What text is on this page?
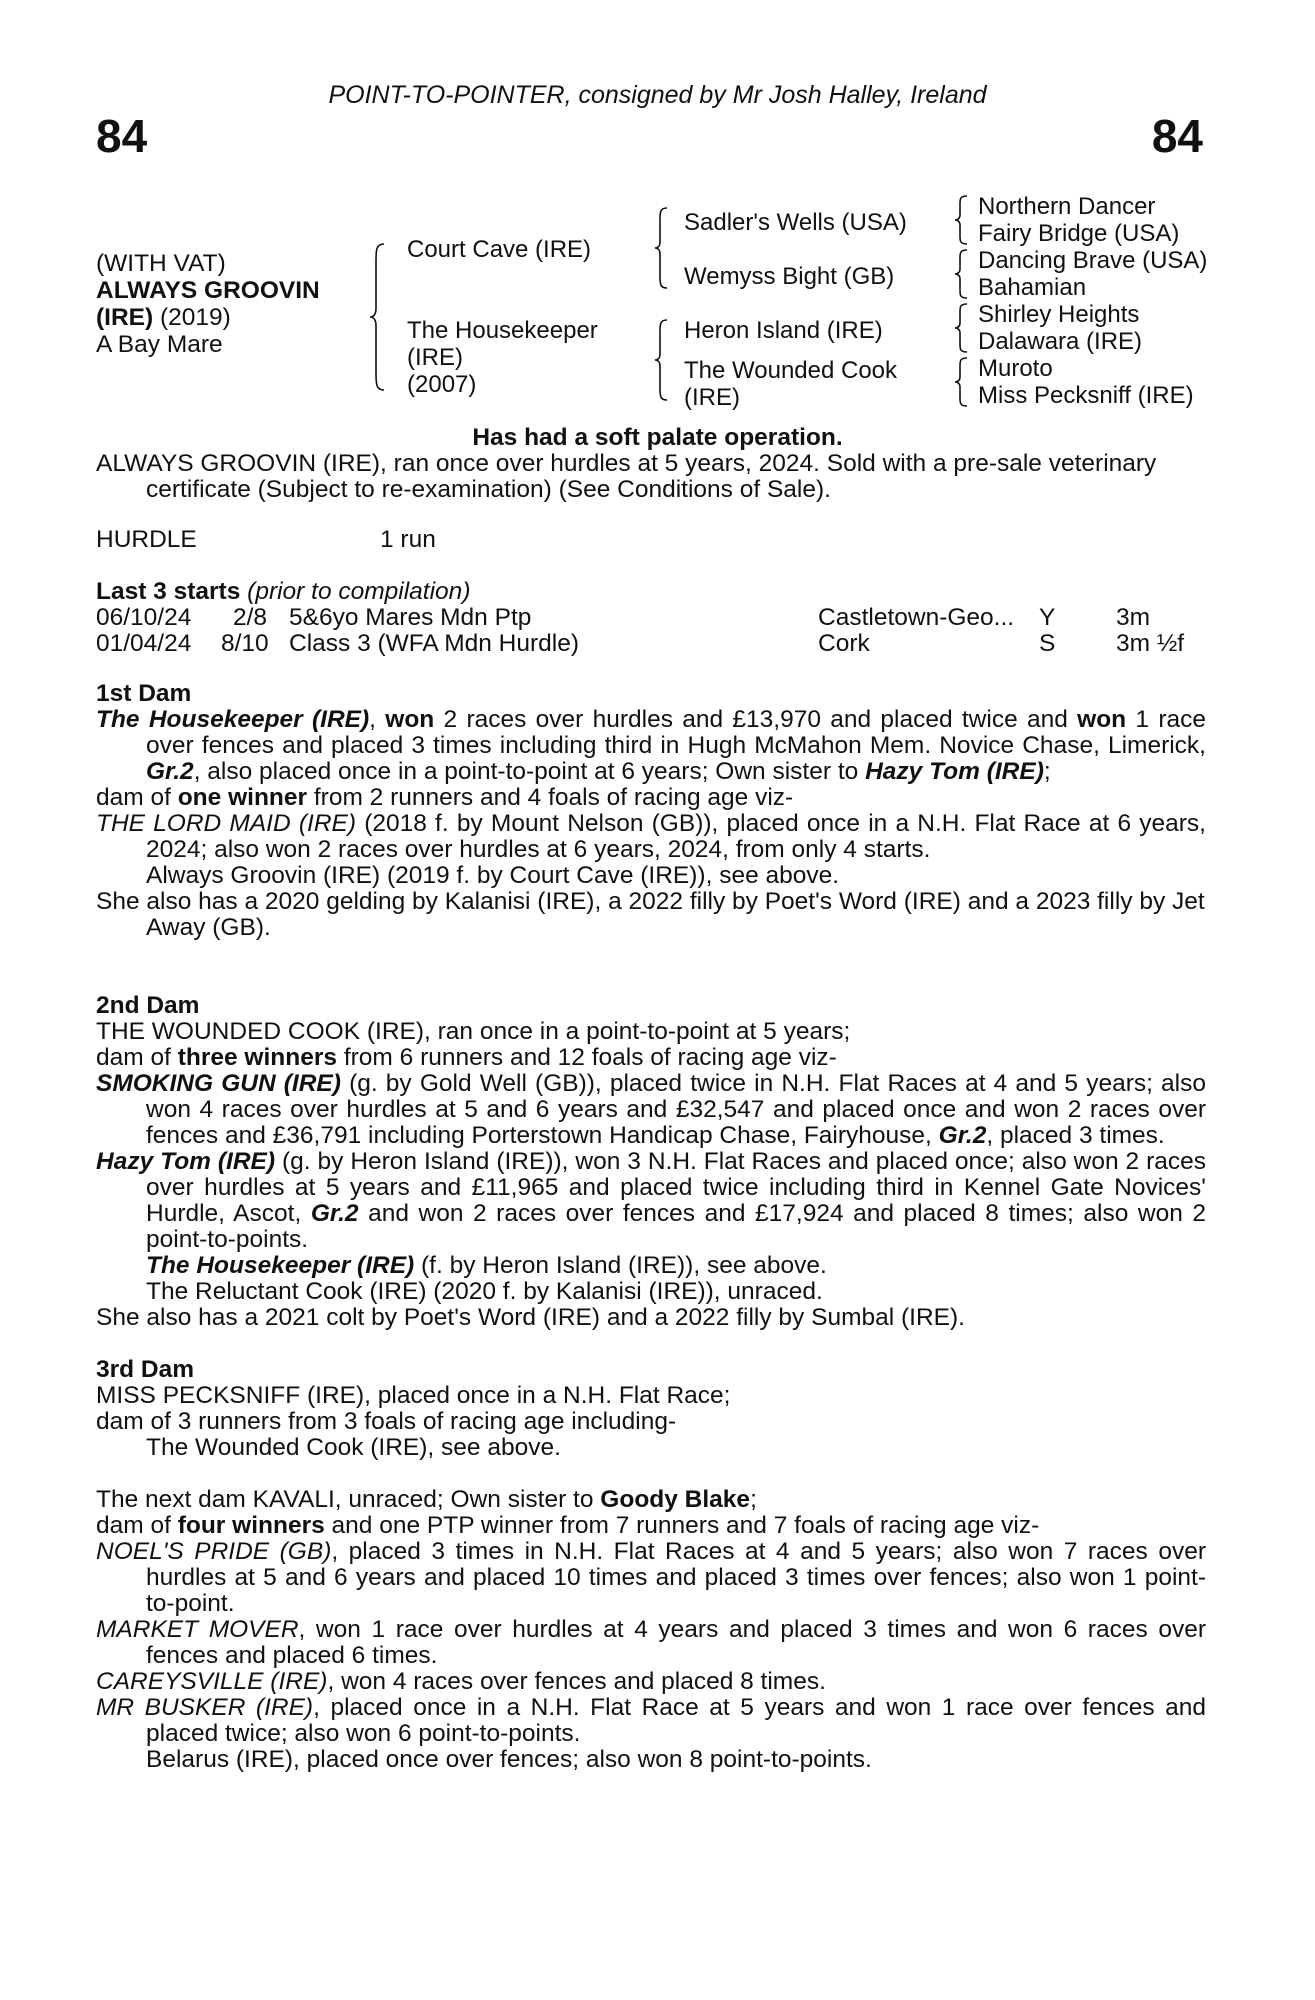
POINT-TO-POINTER, consigned by Mr Josh Halley, Ireland
84	84
(WITH VAT)
ALWAYS GROOVIN
(IRE) (2019)
A Bay Mare
Court Cave (IRE)
The Housekeeper
(IRE)
(2007)
Sadler's Wells (USA)
Wemyss Bight (GB)
Heron Island (IRE)
The Wounded Cook
(IRE)
Northern Dancer
Fairy Bridge (USA)
Dancing Brave (USA)
Bahamian
Shirley Heights
Dalawara (IRE)
Muroto
Miss Pecksniff (IRE)
Has had a soft palate operation.
ALWAYS GROOVIN (IRE), ran once over hurdles at 5 years, 2024. Sold with a pre-sale veterinary
certificate (Subject to re-examination) (See Conditions of Sale).
HURDLE	1 run
Last 3 starts (prior to compilation)
06/10/24 2/8 5&6yo Mares Mdn Ptp	Castletown-Geo... Y 3m
01/04/24 8/10 Class 3 (WFA Mdn Hurdle)	Cork	S 3m ½f

1st Dam

The Housekeeper (IRE), won 2 races over hurdles and £13,970 and placed twice and won 1 race over fences and placed 3 times including third in Hugh McMahon Mem. Novice Chase, Limerick, Gr.2, also placed once in a point-to-point at 6 years; Own sister to Hazy Tom (IRE);

dam of one winner from 2 runners and 4 foals of racing age viz-

THE LORD MAID (IRE) (2018 f. by Mount Nelson (GB)), placed once in a N.H. Flat Race at 6 years, 2024; also won 2 races over hurdles at 6 years, 2024, from only 4 starts.

Always Groovin (IRE) (2019 f. by Court Cave (IRE)), see above.

She also has a 2020 gelding by Kalanisi (IRE), a 2022 filly by Poet's Word (IRE) and a 2023 filly by Jet Away (GB).

2nd Dam

THE WOUNDED COOK (IRE), ran once in a point-to-point at 5 years;

dam of three winners from 6 runners and 12 foals of racing age viz-

SMOKING GUN (IRE) (g. by Gold Well (GB)), placed twice in N.H. Flat Races at 4 and 5 years; also won 4 races over hurdles at 5 and 6 years and £32,547 and placed once and won 2 races over fences and £36,791 including Porterstown Handicap Chase, Fairyhouse, Gr.2, placed 3 times.

Hazy Tom (IRE) (g. by Heron Island (IRE)), won 3 N.H. Flat Races and placed once; also won 2 races over hurdles at 5 years and £11,965 and placed twice including third in Kennel Gate Novices' Hurdle, Ascot, Gr.2 and won 2 races over fences and £17,924 and placed 8 times; also won 2 point-to-points.

The Housekeeper (IRE) (f. by Heron Island (IRE)), see above.

The Reluctant Cook (IRE) (2020 f. by Kalanisi (IRE)), unraced.

She also has a 2021 colt by Poet's Word (IRE) and a 2022 filly by Sumbal (IRE).

3rd Dam

MISS PECKSNIFF (IRE), placed once in a N.H. Flat Race;

dam of 3 runners from 3 foals of racing age including-

The Wounded Cook (IRE), see above.

The next dam KAVALI, unraced; Own sister to Goody Blake;

dam of four winners and one PTP winner from 7 runners and 7 foals of racing age viz-

NOEL'S PRIDE (GB), placed 3 times in N.H. Flat Races at 4 and 5 years; also won 7 races over hurdles at 5 and 6 years and placed 10 times and placed 3 times over fences; also won 1 point-to-point.

MARKET MOVER, won 1 race over hurdles at 4 years and placed 3 times and won 6 races over fences and placed 6 times.

CAREYSVILLE (IRE), won 4 races over fences and placed 8 times.

MR BUSKER (IRE), placed once in a N.H. Flat Race at 5 years and won 1 race over fences and placed twice; also won 6 point-to-points.

Belarus (IRE), placed once over fences; also won 8 point-to-points.
